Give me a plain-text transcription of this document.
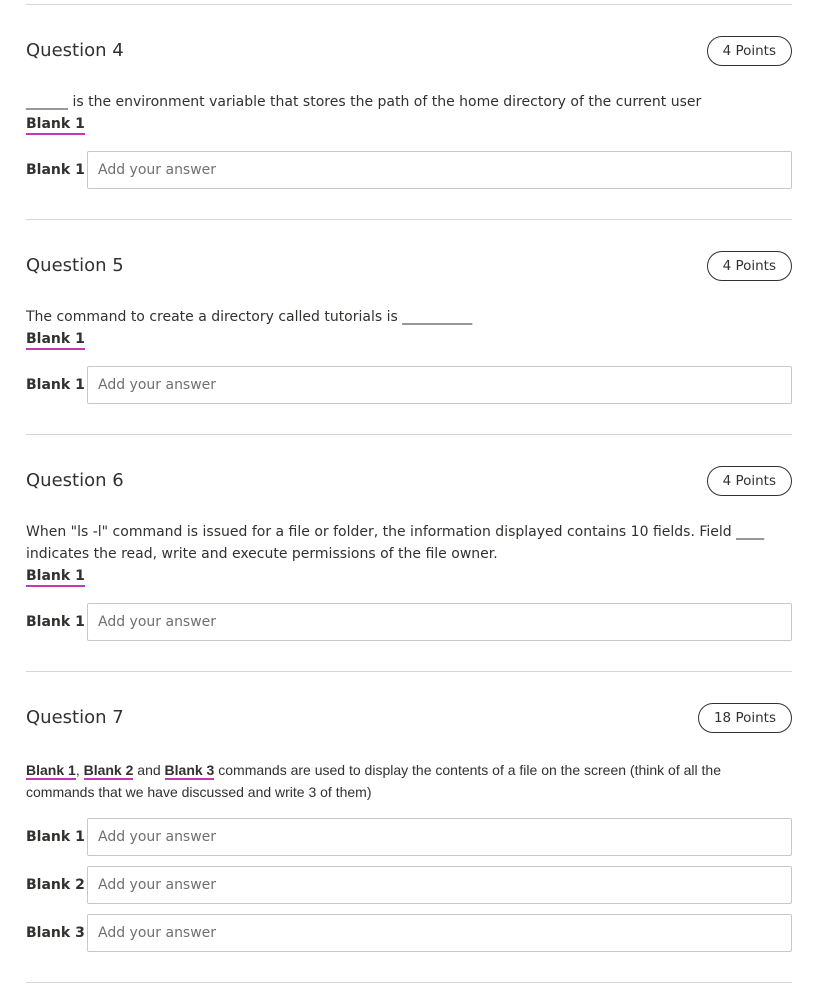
Question 4	4 Points
______ is the environment variable that stores the path of the home directory of the current user
Blank 1
Blank 1
Add your answer
Question 5	4 Points
The command to create a directory called tutorials is __________
Blank 1
Blank 1
Add your answer
Question 6	4 Points
When "ls -l" command is issued for a file or folder, the information displayed contains 10 fields. Field ____ indicates the read, write and execute permissions of the file owner.
Blank 1
Blank 1
Add your answer
Question 7	18 Points
Blank 1, Blank 2 and Blank 3 commands are used to display the contents of a file on the screen (think of all the commands that we have discussed and write 3 of them)
Blank 1
Add your answer
Blank 2
Add your answer
Blank 3
Add your answer
